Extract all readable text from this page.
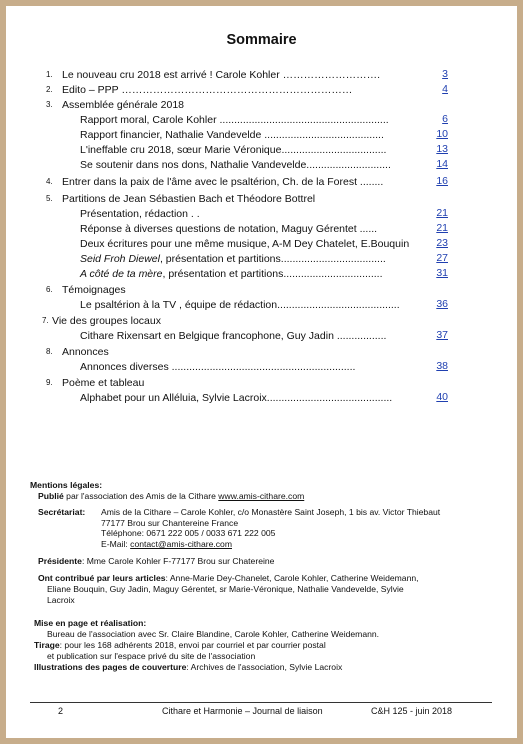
Sommaire
1. Le nouveau cru 2018 est arrivé ! Carole Kohler ……………………….	3
2. Edito – PPP …………………………………………………………	4
3. Assemblée générale 2018
Rapport moral, Carole Kohler ..........................................................	6
Rapport financier, Nathalie Vandevelde .........................................	10
L'ineffable cru 2018, sœur Marie Véronique....................................	13
Se soutenir dans nos dons, Nathalie Vandevelde.............................	14
4. Entrer dans la paix de l'âme avec le psaltérion, Ch. de la Forest ........	16
5. Partitions de Jean Sébastien Bach et Théodore Bottrel
Présentation, rédaction . .	21
Réponse à diverses questions de notation, Maguy Gérentet ......	21
Deux écritures pour une même musique, A-M Dey Chatelet, E.Bouquin	23
Seid Froh Diewel, présentation et partitions....................................	27
A côté de ta mère, présentation et partitions..................................	31
6. Témoignages
Le psaltérion à la TV , équipe de rédaction..........................................	36
7. Vie des groupes locaux
Cithare Rixensart en Belgique francophone, Guy Jadin .................	37
8. Annonces
Annonces diverses ...............................................................	38
9. Poème et tableau
Alphabet pour un Alléluia, Sylvie Lacroix...........................................	40
Mentions légales:
Publié par l'association des Amis de la Cithare www.amis-cithare.com
Secrétariat:	Amis de la Cithare – Carole Kohler, c/o Monastère Saint Joseph, 1 bis av. Victor Thiebaut
77177 Brou sur Chantereine France
Téléphone: 0671 222 005 / 0033 671 222 005
E-Mail: contact@amis-cithare.com
Présidente: Mme Carole Kohler F-77177 Brou sur Chatereine
Ont contribué par leurs articles: Anne-Marie Dey-Chanelet, Carole Kohler, Catherine Weidemann,
Eliane Bouquin, Guy Jadin, Maguy Gérentet, sr Marie-Véronique, Nathalie Vandevelde, Sylvie
Lacroix
Mise en page et réalisation:
Bureau de l'association avec Sr. Claire Blandine, Carole Kohler, Catherine Weidemann.
Tirage: pour les 168 adhérents 2018, envoi par courriel et par courrier postal
et publication sur l'espace privé du site de l'association
Illustrations des pages de couverture: Archives de l'association, Sylvie Lacroix
2	Cithare et Harmonie – Journal de liaison	C&H 125 - juin 2018
